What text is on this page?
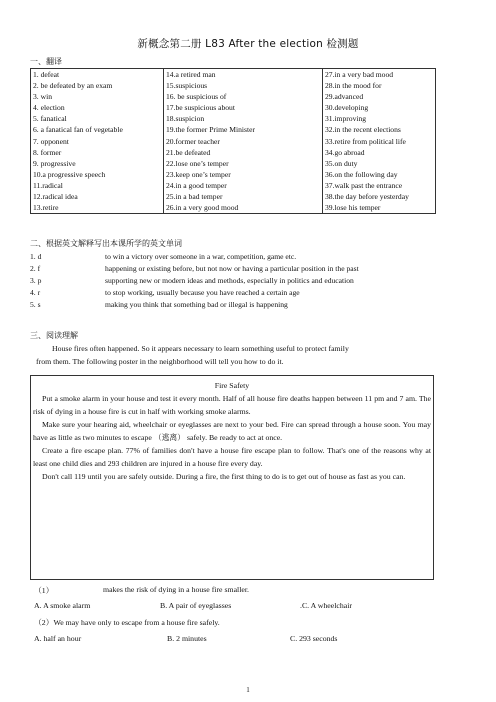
新概念第二册 L83 After the election 检测题
一、翻译
1. defeat
2. be defeated by an exam
3. win
4. election
5. fanatical
6. a fanatical fan of vegetable
7. opponent
8. former
9. progressive
10.a progressive speech
11.radical
12.radical idea
13.retire

14.a retired man
15.suspicious
16. be suspicious of
17.be suspicious about
18.suspicion
19.the former Prime Minister
20.former teacher
21.be defeated
22.lose one’s temper
23.keep one’s temper
24.in a good temper
25.in a bad temper
26.in a very good mood

27.in a very bad mood
28.in the mood for
29.advanced
30.developing
31.improving
32.in the recent elections
33.retire from political life
34.go abroad
35.on duty
36.on the following day
37.walk past the entrance
38.the day before yesterday
39.lose his temper
二、根据英文解释写出本课所学的英文单词
1. d	to win a victory over someone in a war, competition, game etc.
2. f	happening or existing before, but not now or having a particular position in the past
3. p	supporting new or modern ideas and methods, especially in politics and education
4. r	to stop working, usually because you have reached a certain age
5. s	making you think that something bad or illegal is happening
三、阅读理解
House fires often happened. So it appears necessary to learn something useful to protect family
from them. The following poster in the neighborhood will tell you how to do it.
Fire Safety

Put a smoke alarm in your house and test it every month. Half of all house fire deaths happen between 11 pm and 7 am. The risk of dying in a house fire is cut in half with working smoke alarms.

Make sure your hearing aid, wheelchair or eyeglasses are next to your bed. Fire can spread through a house soon. You may have as little as two minutes to escape （逃离） safely. Be ready to act at once.

Create a fire escape plan. 77% of families don't have a house fire escape plan to follow. That's one of the reasons why at least one child dies and 293 children are injured in a house fire every day.

Don't call 119 until you are safely outside. During a fire, the first thing to do is to get out of house as fast as you can.

（1）	makes the risk of dying in a house fire smaller.
A. A smoke alarm	B. A pair of eyeglasses	.C. A wheelchair
（2）We may have only to escape from a house fire safely.
A. half an hour	B. 2 minutes	C. 293 seconds
1
